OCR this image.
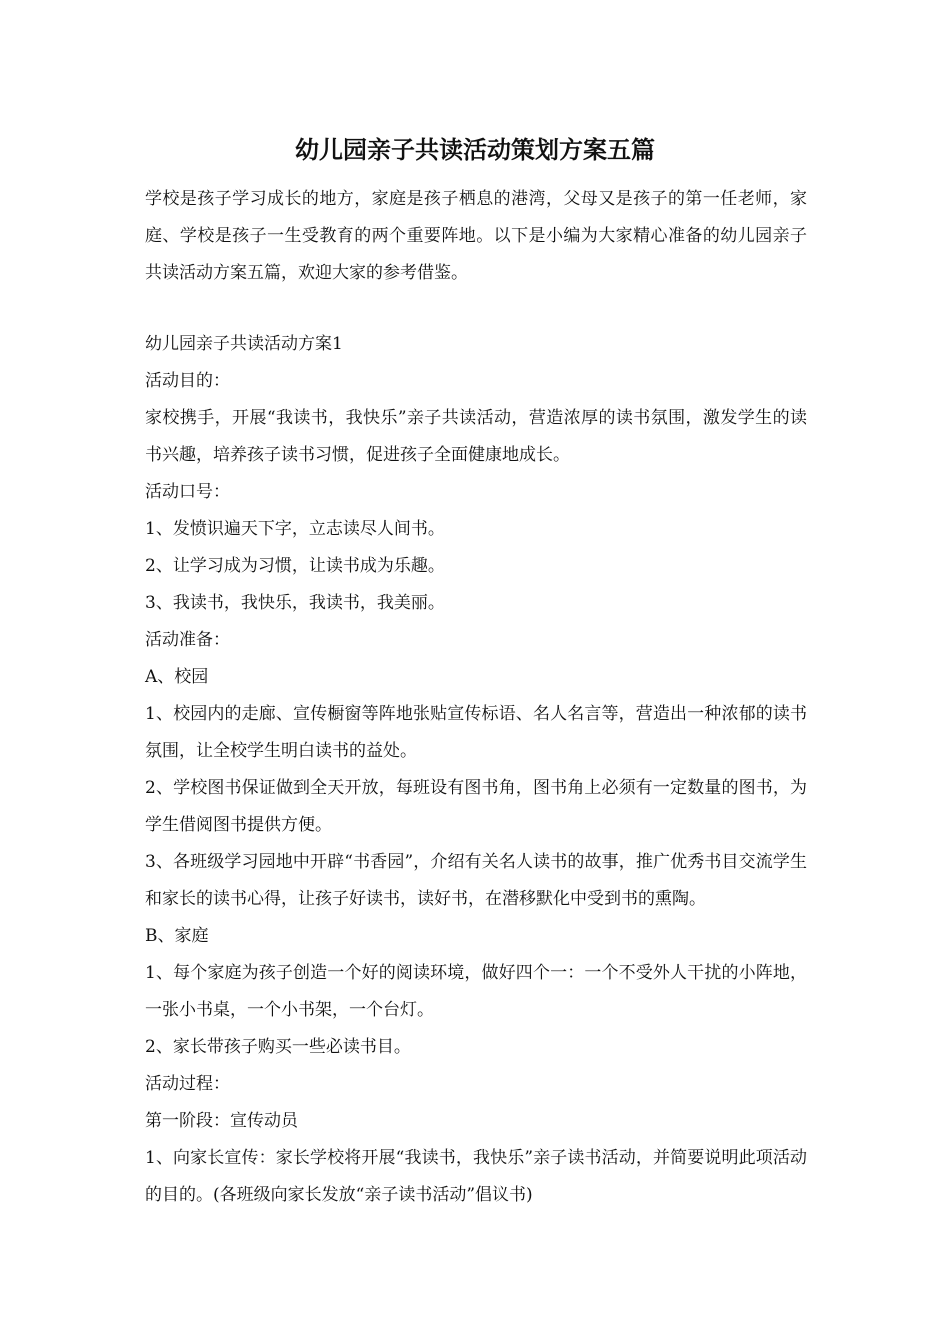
幼儿园亲子共读活动策划方案五篇

学校是孩子学习成长的地方，家庭是孩子栖息的港湾，父母又是孩子的第一任老师，家庭、学校是孩子一生受教育的两个重要阵地。以下是小编为大家精心准备的幼儿园亲子共读活动方案五篇，欢迎大家的参考借鉴。

幼儿园亲子共读活动方案1

活动目的：

家校携手，开展“我读书，我快乐”亲子共读活动，营造浓厚的读书氛围，激发学生的读书兴趣，培养孩子读书习惯，促进孩子全面健康地成长。

活动口号：

1、发愤识遍天下字，立志读尽人间书。

2、让学习成为习惯，让读书成为乐趣。

3、我读书，我快乐，我读书，我美丽。

活动准备：

A、校园

1、校园内的走廊、宣传橱窗等阵地张贴宣传标语、名人名言等，营造出一种浓郁的读书氛围，让全校学生明白读书的益处。

2、学校图书保证做到全天开放，每班设有图书角，图书角上必须有一定数量的图书，为学生借阅图书提供方便。

3、各班级学习园地中开辟“书香园”，介绍有关名人读书的故事，推广优秀书目交流学生和家长的读书心得，让孩子好读书，读好书，在潜移默化中受到书的熏陶。

B、家庭

1、每个家庭为孩子创造一个好的阅读环境，做好四个一：一个不受外人干扰的小阵地，一张小书桌，一个小书架，一个台灯。

2、家长带孩子购买一些必读书目。

活动过程：

第一阶段：宣传动员

1、向家长宣传：家长学校将开展“我读书，我快乐”亲子读书活动，并简要说明此项活动的目的。(各班级向家长发放“亲子读书活动”倡议书)
